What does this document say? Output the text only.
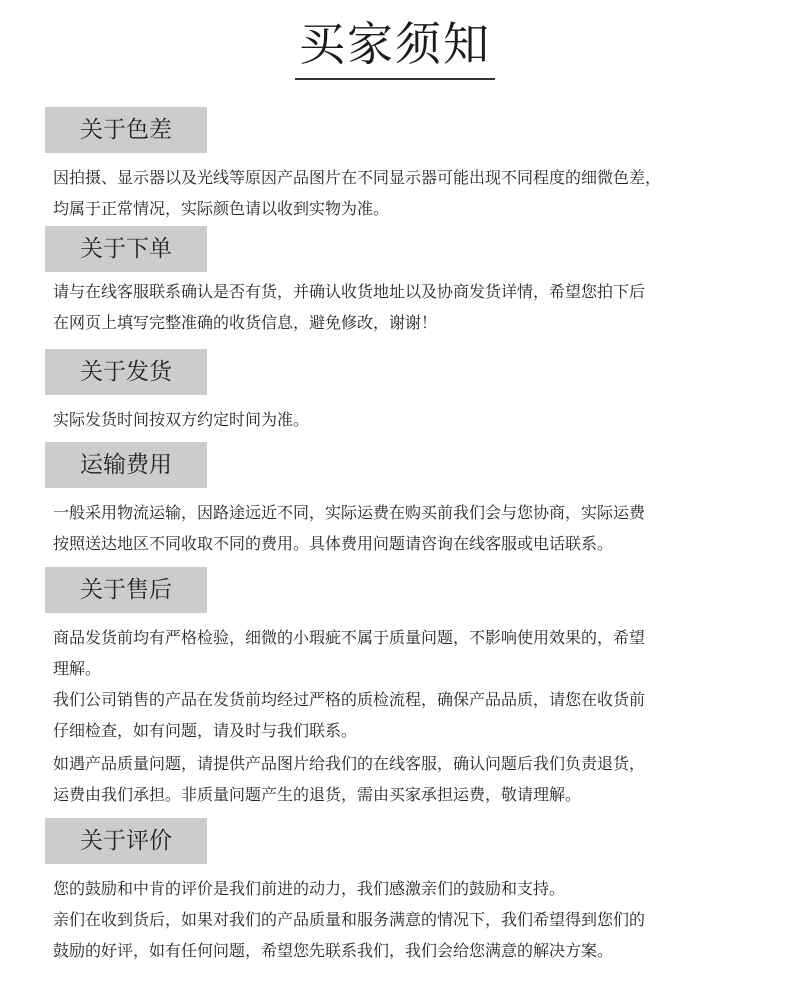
买家须知
关于色差

因拍摄、显示器以及光线等原因产品图片在不同显示器可能出现不同程度的细微色差，

均属于正常情况，实际颜色请以收到实物为准。

关于下单

请与在线客服联系确认是否有货，并确认收货地址以及协商发货详情，希望您拍下后

在网页上填写完整准确的收货信息，避免修改，谢谢！

关于发货

实际发货时间按双方约定时间为准。

运输费用

一般采用物流运输，因路途远近不同，实际运费在购买前我们会与您协商，实际运费

按照送达地区不同收取不同的费用。具体费用问题请咨询在线客服或电话联系。

关于售后

商品发货前均有严格检验，细微的小瑕疵不属于质量问题，不影响使用效果的，希望

理解。

我们公司销售的产品在发货前均经过严格的质检流程，确保产品品质，请您在收货前

仔细检查，如有问题，请及时与我们联系。

如遇产品质量问题，请提供产品图片给我们的在线客服，确认问题后我们负责退货，

运费由我们承担。非质量问题产生的退货，需由买家承担运费，敬请理解。

关于评价

您的鼓励和中肯的评价是我们前进的动力，我们感激亲们的鼓励和支持。

亲们在收到货后，如果对我们的产品质量和服务满意的情况下，我们希望得到您们的

鼓励的好评，如有任何问题，希望您先联系我们，我们会给您满意的解决方案。
